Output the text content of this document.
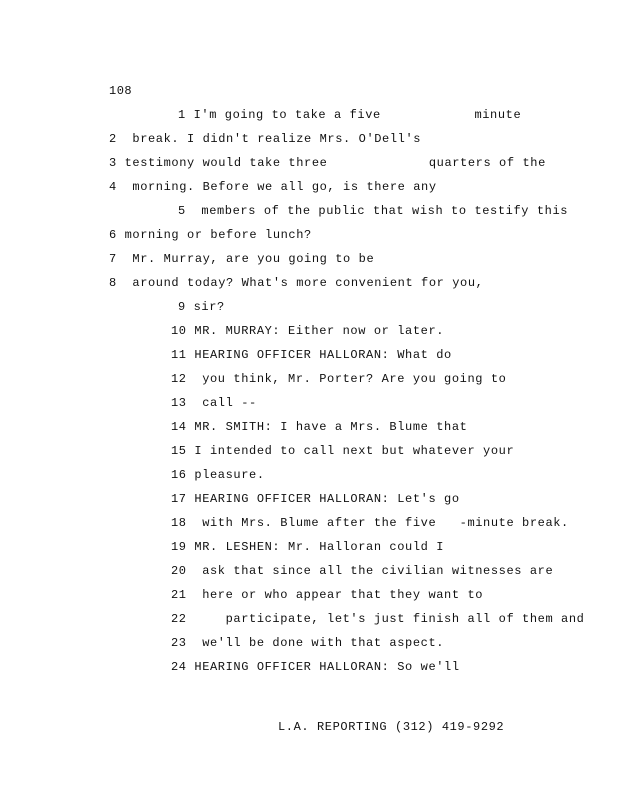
108
1 I'm going to take a five            minute
2  break. I didn't realize Mrs. O'Dell's
3 testimony would take three             quarters of the
4  morning. Before we all go, is there any
5  members of the public that wish to testify this
6 morning or before lunch?
7  Mr. Murray, are you going to be
8  around today? What's more convenient for you,
9 sir?
10 MR. MURRAY: Either now or later.
11 HEARING OFFICER HALLORAN: What do
12  you think, Mr. Porter? Are you going to
13  call --
14 MR. SMITH: I have a Mrs. Blume that
15 I intended to call next but whatever your
16 pleasure.
17 HEARING OFFICER HALLORAN: Let's go
18  with Mrs. Blume after the five   -minute break.
19 MR. LESHEN: Mr. Halloran could I
20  ask that since all the civilian witnesses are
21  here or who appear that they want to
22     participate, let's just finish all of them and
23  we'll be done with that aspect.
24 HEARING OFFICER HALLORAN: So we'll
L.A. REPORTING (312) 419-9292
